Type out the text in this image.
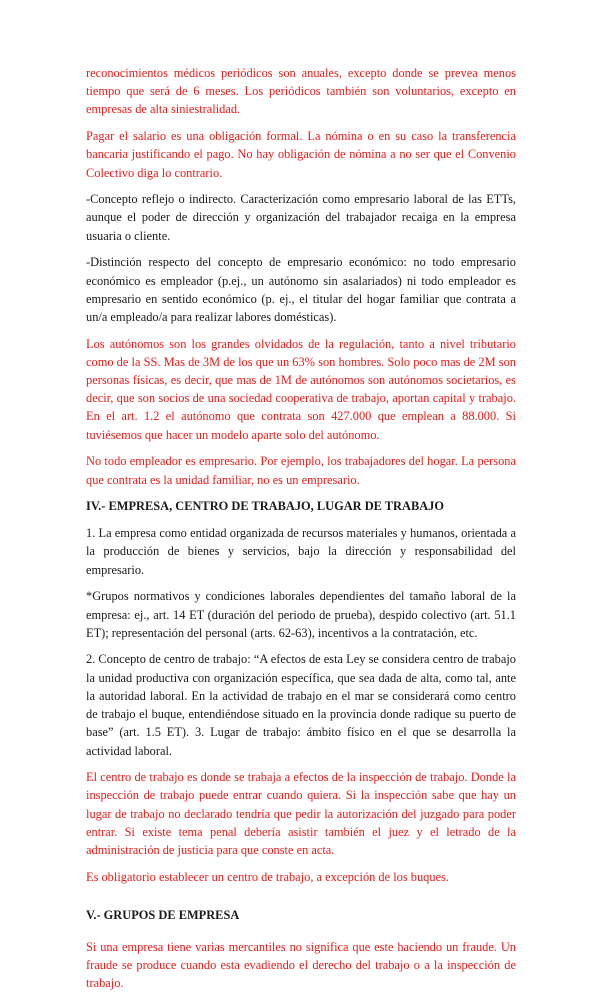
reconocimientos médicos periódicos son anuales, excepto donde se prevea menos tiempo que será de 6 meses. Los periódicos también son voluntarios, excepto en empresas de alta siniestralidad.

Pagar el salario es una obligación formal. La nómina o en su caso la transferencia bancaria justificando el pago. No hay obligación de nómina a no ser que el Convenio Colectivo diga lo contrario.

-Concepto reflejo o indirecto. Caracterización como empresario laboral de las ETTs, aunque el poder de dirección y organización del trabajador recaiga en la empresa usuaria o cliente.

-Distinción respecto del concepto de empresario económico: no todo empresario económico es empleador (p.ej., un autónomo sin asalariados) ni todo empleador es empresario en sentido económico (p. ej., el titular del hogar familiar que contrata a un/a empleado/a para realizar labores domésticas).

Los autónomos son los grandes olvidados de la regulación, tanto a nivel tributario como de la SS. Mas de 3M de los que un 63% son hombres. Solo poco mas de 2M son personas físicas, es decir, que mas de 1M de autónomos son autónomos societarios, es decir, que son socios de una sociedad cooperativa de trabajo, aportan capital y trabajo. En el art. 1.2 el autónomo que contrata son 427.000 que emplean a 88.000. Si tuviésemos que hacer un modelo aparte solo del autónomo.

No todo empleador es empresario. Por ejemplo, los trabajadores del hogar. La persona que contrata es la unidad familiar, no es un empresario.

IV.- EMPRESA, CENTRO DE TRABAJO, LUGAR DE TRABAJO

1. La empresa como entidad organizada de recursos materiales y humanos, orientada a la producción de bienes y servicios, bajo la dirección y responsabilidad del empresario.

*Grupos normativos y condiciones laborales dependientes del tamaño laboral de la empresa: ej., art. 14 ET (duración del periodo de prueba), despido colectivo (art. 51.1 ET); representación del personal (arts. 62-63), incentivos a la contratación, etc.

2. Concepto de centro de trabajo: “A efectos de esta Ley se considera centro de trabajo la unidad productiva con organización específica, que sea dada de alta, como tal, ante la autoridad laboral. En la actividad de trabajo en el mar se considerará como centro de trabajo el buque, entendiéndose situado en la provincia donde radique su puerto de base” (art. 1.5 ET). 3. Lugar de trabajo: ámbito físico en el que se desarrolla la actividad laboral.

El centro de trabajo es donde se trabaja a efectos de la inspección de trabajo. Donde la inspección de trabajo puede entrar cuando quiera. Si la inspección sabe que hay un lugar de trabajo no declarado tendría que pedir la autorización del juzgado para poder entrar. Si existe tema penal debería asistir también el juez y el letrado de la administración de justicia para que conste en acta.

Es obligatorio establecer un centro de trabajo, a excepción de los buques.

V.- GRUPOS DE EMPRESA

Si una empresa tiene varias mercantiles no significa que este haciendo un fraude. Un fraude se produce cuando esta evadiendo el derecho del trabajo o a la inspección de trabajo.
